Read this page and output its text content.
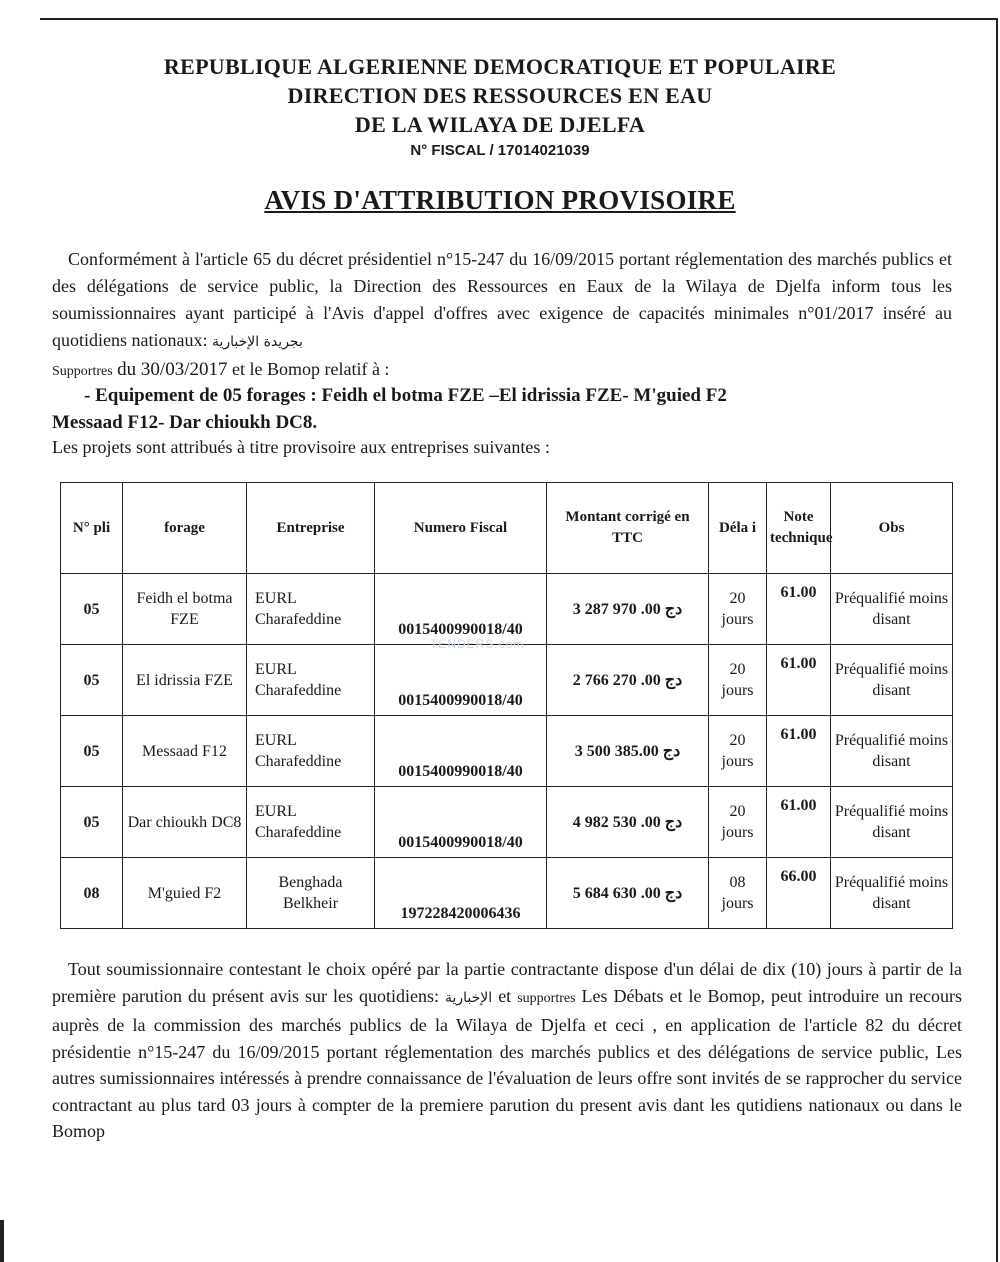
REPUBLIQUE ALGERIENNE DEMOCRATIQUE ET POPULAIRE
DIRECTION DES RESSOURCES EN EAU
DE LA WILAYA DE DJELFA
N° FISCAL / 17014021039
AVIS D'ATTRIBUTION PROVISOIRE
Conformément à l'article 65 du décret présidentiel n°15-247 du 16/09/2015 portant réglementation des marchés publics et des délégations de service public, la Direction des Ressources en Eaux de la Wilaya de Djelfa inform tous les soumissionnaires ayant participé à l'Avis d'appel d'offres avec exigence de capacités minimales n°01/2017 inséré au quotidiens nationaux: بجريدة الإخبارية
Supportres du 30/03/2017 et le Bomop relatif à :
- Equipement de 05 forages : Feidh el botma FZE –El idrissia FZE- M'guied F2
Messaad F12- Dar chioukh DC8.
Les projets sont attribués à titre provisoire aux entreprises suivantes :
N° pli	forage	Entreprise	Numero Fiscal	Montant corrigé en TTC	Déla i	Note technique	Obs
05	Feidh el botma FZE	EURL Charafeddine	0015400990018/40	3 287 970 .00 دج	20 jours	61.00	Préqualifié moins disant
05	El idrissia FZE	EURL Charafeddine	0015400990018/40	2 766 270 .00 دج	20 jours	61.00	Préqualifié moins disant
05	Messaad F12	EURL Charafeddine	0015400990018/40	3 500 385.00 دج	20 jours	61.00	Préqualifié moins disant
05	Dar chioukh DC8	EURL Charafeddine	0015400990018/40	4 982 530 .00 دج	20 jours	61.00	Préqualifié moins disant
08	M'guied F2	Benghada Belkheir	197228420006436	5 684 630 .00 دج	08 jours	66.00	Préqualifié moins disant
TENDERS.com
Tout soumissionnaire contestant le choix opéré par la partie contractante dispose d'un délai de dix (10) jours à partir de la première parution du présent avis sur les quotidiens: الإخبارية et supportres Les Débats et le Bomop, peut introduire un recours auprès de la commission des marchés publics de la Wilaya de Djelfa et ceci , en application de l'article 82 du décret présidentie n°15-247 du 16/09/2015 portant réglementation des marchés publics et des délégations de service public, Les autres sumissionnaires intéressés à prendre connaissance de l'évaluation de leurs offre sont invités de se rapprocher du service contractant au plus tard 03 jours à compter de la premiere parution du present avis dant les qutidiens nationaux ou dans le Bomop
